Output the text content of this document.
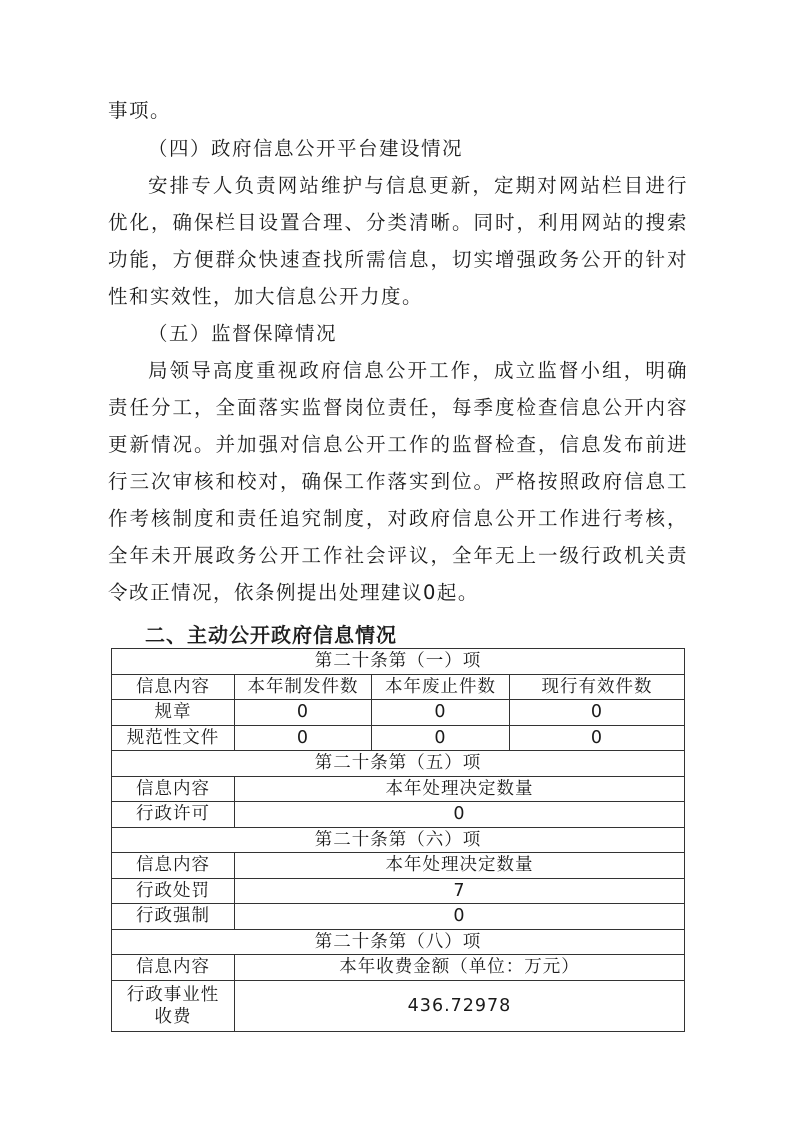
事项。

（四）政府信息公开平台建设情况

安排专人负责网站维护与信息更新，定期对网站栏目进行优化，确保栏目设置合理、分类清晰。同时，利用网站的搜索功能，方便群众快速查找所需信息，切实增强政务公开的针对性和实效性，加大信息公开力度。

（五）监督保障情况

局领导高度重视政府信息公开工作，成立监督小组，明确责任分工，全面落实监督岗位责任，每季度检查信息公开内容更新情况。并加强对信息公开工作的监督检查，信息发布前进行三次审核和校对，确保工作落实到位。严格按照政府信息工作考核制度和责任追究制度，对政府信息公开工作进行考核，全年未开展政务公开工作社会评议，全年无上一级行政机关责令改正情况，依条例提出处理建议0起。

二、主动公开政府信息情况
第二十条第（一）项			
信息内容	本年制发件数	本年废止件数	现行有效件数
规章	0	0	0
规范性文件	0	0	0
第二十条第（五）项			
信息内容	本年处理决定数量		
行政许可	0		
第二十条第（六）项			
信息内容	本年处理决定数量		
行政处罚	7		
行政强制	0		
第二十条第（八）项			
信息内容	本年收费金额（单位：万元）		
行政事业性
收费	436.72978		
